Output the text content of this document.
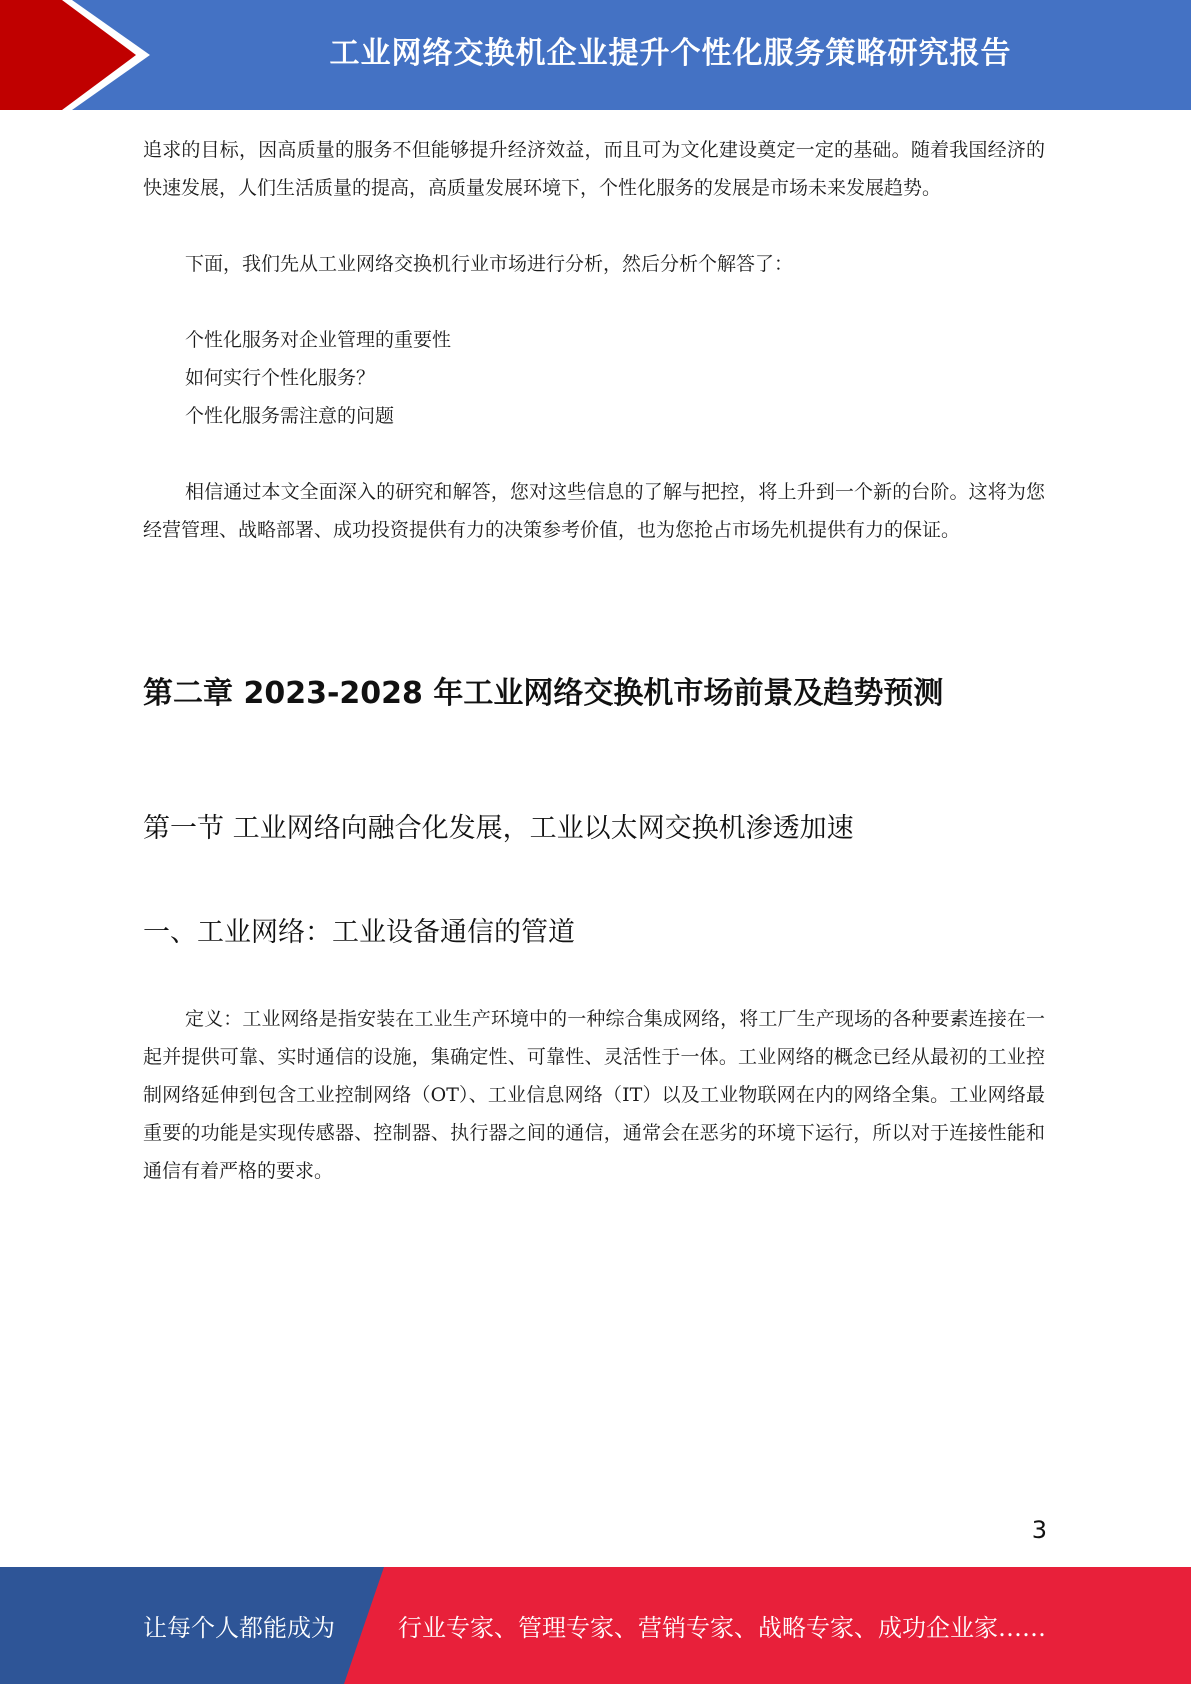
工业网络交换机企业提升个性化服务策略研究报告

追求的目标，因高质量的服务不但能够提升经济效益，而且可为文化建设奠定一定的基础。随着我国经济的快速发展，人们生活质量的提高，高质量发展环境下，个性化服务的发展是市场未来发展趋势。

下面，我们先从工业网络交换机行业市场进行分析，然后分析个解答了：

个性化服务对企业管理的重要性

如何实行个性化服务？

个性化服务需注意的问题

相信通过本文全面深入的研究和解答，您对这些信息的了解与把控，将上升到一个新的台阶。这将为您经营管理、战略部署、成功投资提供有力的决策参考价值，也为您抢占市场先机提供有力的保证。

第二章 2023-2028 年工业网络交换机市场前景及趋势预测
第一节 工业网络向融合化发展，工业以太网交换机渗透加速
一、工业网络：工业设备通信的管道

定义：工业网络是指安装在工业生产环境中的一种综合集成网络，将工厂生产现场的各种要素连接在一起并提供可靠、实时通信的设施，集确定性、可靠性、灵活性于一体。工业网络的概念已经从最初的工业控制网络延伸到包含工业控制网络（OT）、工业信息网络（IT）以及工业物联网在内的网络全集。工业网络最重要的功能是实现传感器、控制器、执行器之间的通信，通常会在恶劣的环境下运行，所以对于连接性能和通信有着严格的要求。

3
让每个人都能成为	行业专家、管理专家、营销专家、战略专家、成功企业家……
